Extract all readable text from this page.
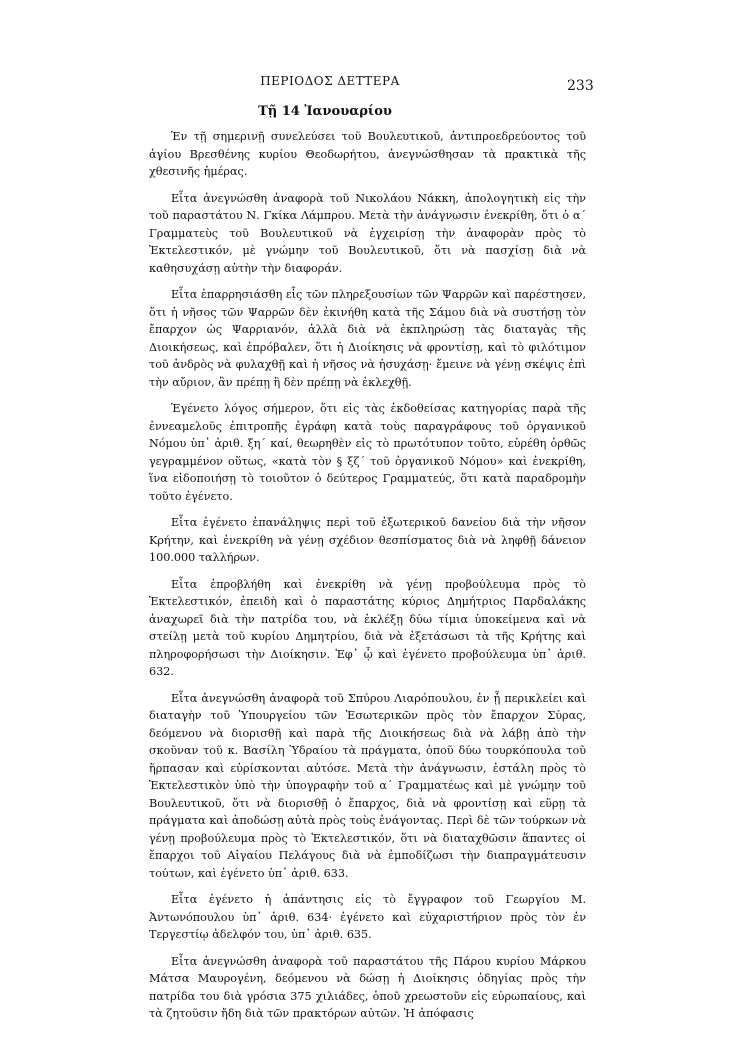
ΠΕΡΙΟΔΟΣ ΔΕΤΤΕΡΑ	233
Τῇ 14 Ἰανουαρίου

Ἐν τῇ σημερινῇ συνελεύσει τοῦ Βουλευτικοῦ, ἀντιπροεδρεύοντος τοῦ ἁγίου Βρεσθένης κυρίου Θεοδωρήτου, ἀνεγνώσθησαν τὰ πρακτικὰ τῆς χθεσινῆς ἡμέρας.

Εἶτα ἀνεγνώσθη ἀναφορὰ τοῦ Νικολάου Νάκκη, ἀπολογητικὴ εἰς τὴν τοῦ παραστάτου Ν. Γκίκα Λάμπρου. Μετὰ τὴν ἀνάγνωσιν ἐνεκρίθη, ὅτι ὁ α΄ Γραμματεὺς τοῦ Βουλευτικοῦ νὰ ἐγχειρίσῃ τὴν ἀναφορὰν πρὸς τὸ Ἐκτελεστικόν, μὲ γνώμην τοῦ Βουλευτικοῦ, ὅτι νὰ πασχίσῃ διὰ νὰ καθησυχάσῃ αὐτὴν τὴν διαφοράν.

Εἶτα ἐπαρρησιάσθη εἷς τῶν πληρεξουσίων τῶν Ψαρρῶν καὶ παρέστησεν, ὅτι ἡ νῆσος τῶν Ψαρρῶν δὲν ἐκινήθη κατὰ τῆς Σάμου διὰ νὰ συστήσῃ τὸν ἔπαρχον ὡς Ψαρριανόν, ἀλλὰ διὰ νὰ ἐκπληρώσῃ τὰς διαταγὰς τῆς Διοικήσεως, καὶ ἐπρόβαλεν, ὅτι ἡ Διοίκησις νὰ φροντίσῃ, καὶ τὸ φιλότιμον τοῦ ἀνδρὸς νὰ φυλαχθῇ καὶ ἡ νῆσος νὰ ἡσυχάσῃ· ἔμεινε νὰ γένῃ σκέψις ἐπὶ τὴν αὔριον, ἂν πρέπῃ ἢ δὲν πρέπῃ νὰ ἐκλεχθῇ.

Ἐγένετο λόγος σήμερον, ὅτι εἰς τὰς ἐκδοθείσας κατηγορίας παρὰ τῆς ἐννεαμελοῦς ἐπιτροπῆς ἐγράφη κατὰ τοὺς παραγράφους τοῦ ὀργανικοῦ Νόμου ὑπ᾽ ἀριθ. ξη΄ καί, θεωρηθὲν εἰς τὸ πρωτότυπον τοῦτο, εὑρέθη ὀρθῶς γεγραμμένον οὕτως, «κατὰ τὸν § ξζ΄ τοῦ ὀργανικοῦ Νόμου» καὶ ἐνεκρίθη, ἵνα εἰδοποιήσῃ τὸ τοιοῦτον ὁ δεύτερος Γραμματεύς, ὅτι κατὰ παραδρομὴν τοῦτο ἐγένετο.

Εἶτα ἐγένετο ἐπανάληψις περὶ τοῦ ἐξωτερικοῦ δανείου διὰ τὴν νῆσον Κρήτην, καὶ ἐνεκρίθη νὰ γένῃ σχέδιον θεσπίσματος διὰ νὰ ληφθῇ δάνειον 100.000 ταλλήρων.

Εἶτα ἐπροβλήθη καὶ ἐνεκρίθη νὰ γένῃ προβούλευμα πρὸς τὸ Ἐκτελεστικόν, ἐπειδὴ καὶ ὁ παραστάτης κύριος Δημήτριος Παρδαλάκης ἀναχωρεῖ διὰ τὴν πατρίδα του, νὰ ἐκλέξῃ δύω τίμια ὑποκείμενα καὶ νὰ στείλῃ μετὰ τοῦ κυρίου Δημητρίου, διὰ νὰ ἐξετάσωσι τὰ τῆς Κρήτης καὶ πληροφορήσωσι τὴν Διοίκησιν. Ἐφ᾽ ᾧ καὶ ἐγένετο προβούλευμα ὑπ᾽ ἀριθ. 632.

Εἶτα ἀνεγνώσθη ἀναφορὰ τοῦ Σπύρου Λιαρόπουλου, ἐν ᾗ περικλείει καὶ διαταγὴν τοῦ Ὑπουργείου τῶν Ἐσωτερικῶν πρὸς τὸν ἔπαρχον Σύρας, δεόμενου νὰ διορισθῇ καὶ παρὰ τῆς Διοικήσεως διὰ νὰ λάβῃ ἀπὸ τὴν σκοῦναν τοῦ κ. Βασίλη Ὑδραίου τὰ πράγματα, ὁποῦ δύω τουρκόπουλα τοῦ ἥρπασαν καὶ εὑρίσκονται αὐτόσε. Μετὰ τὴν ἀνάγνωσιν, ἐστάλη πρὸς τὸ Ἐκτελεστικὸν ὑπὸ τὴν ὑπογραφὴν τοῦ α΄ Γραμματέως καὶ μὲ γνώμην τοῦ Βουλευτικοῦ, ὅτι νὰ διορισθῇ ὁ ἔπαρχος, διὰ νὰ φροντίσῃ καὶ εὕρῃ τὰ πράγματα καὶ ἀποδώσῃ αὐτὰ πρὸς τοὺς ἐνάγοντας. Περὶ δὲ τῶν τούρκων νὰ γένῃ προβούλευμα πρὸς τὸ Ἐκτελεστικόν, ὅτι νὰ διαταχθῶσιν ἅπαντες οἱ ἔπαρχοι τοῦ Αἰγαίου Πελάγους διὰ νὰ ἐμποδίζωσι τὴν διαπραγμάτευσιν τούτων, καὶ ἐγένετο ὑπ᾽ ἀριθ. 633.

Εἶτα ἐγένετο ἡ ἀπάντησις εἰς τὸ ἔγγραφον τοῦ Γεωργίου Μ. Ἀντωνόπουλου ὑπ᾽ ἀριθ. 634· ἐγένετο καὶ εὐχαριστήριον πρὸς τὸν ἐν Τεργεστίῳ ἀδελφόν του, ὑπ᾽ ἀριθ. 635.

Εἶτα ἀνεγνώσθη ἀναφορὰ τοῦ παραστάτου τῆς Πάρου κυρίου Μάρκου Μάτσα Μαυρογένη, δεόμενου νὰ δώσῃ ἡ Διοίκησις ὁδηγίας πρὸς τὴν πατρίδα του διὰ γρόσια 375 χιλιάδες, ὁποῦ χρεωστοῦν εἰς εὐρωπαίους, καὶ τὰ ζητοῦσιν ἤδη διὰ τῶν πρακτόρων αὐτῶν. Ἡ ἀπόφασις
